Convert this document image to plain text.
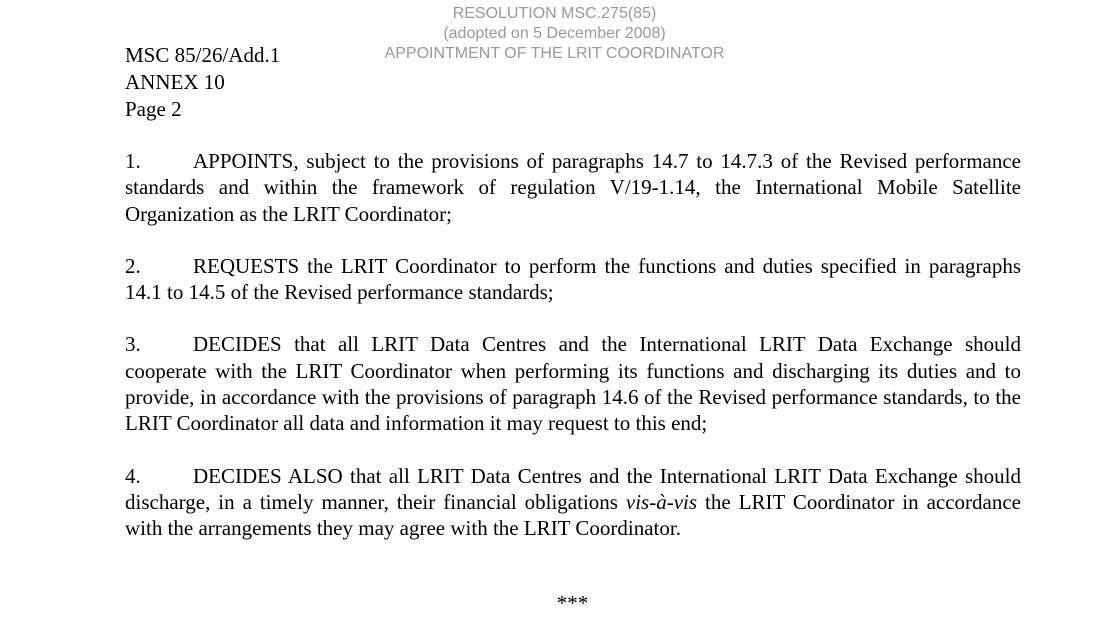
RESOLUTION MSC.275(85)
(adopted on 5 December 2008)
APPOINTMENT OF THE LRIT COORDINATOR
MSC 85/26/Add.1
ANNEX 10
Page 2

1. APPOINTS, subject to the provisions of paragraphs 14.7 to 14.7.3 of the Revised performance standards and within the framework of regulation V/19-1.14, the International Mobile Satellite Organization as the LRIT Coordinator;

2. REQUESTS the LRIT Coordinator to perform the functions and duties specified in paragraphs 14.1 to 14.5 of the Revised performance standards;

3. DECIDES that all LRIT Data Centres and the International LRIT Data Exchange should cooperate with the LRIT Coordinator when performing its functions and discharging its duties and to provide, in accordance with the provisions of paragraph 14.6 of the Revised performance standards, to the LRIT Coordinator all data and information it may request to this end;

4. DECIDES ALSO that all LRIT Data Centres and the International LRIT Data Exchange should discharge, in a timely manner, their financial obligations vis-à-vis the LRIT Coordinator in accordance with the arrangements they may agree with the LRIT Coordinator.

***
